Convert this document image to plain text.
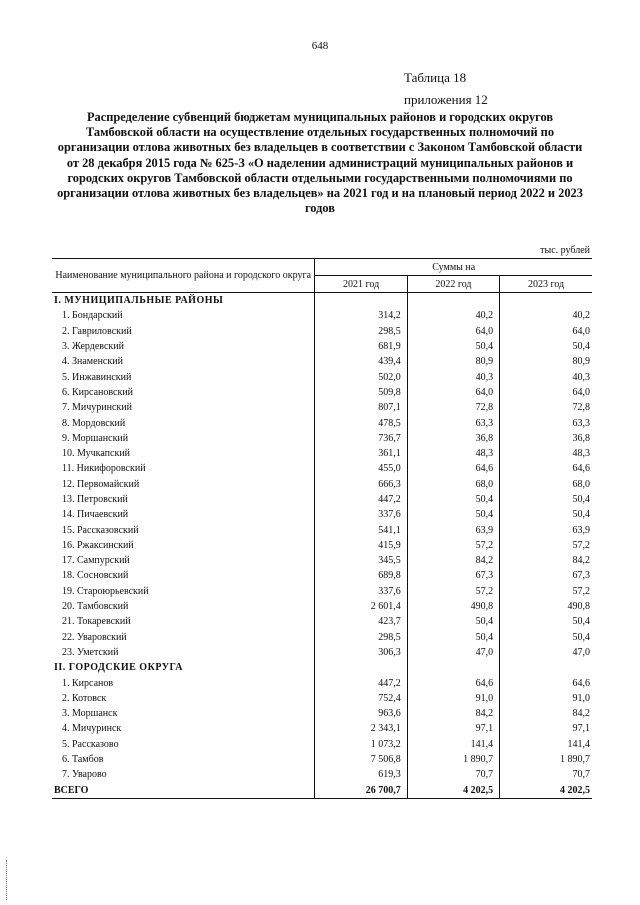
648
Таблица 18
приложения 12
Распределение субвенций бюджетам муниципальных районов и городских округов Тамбовской области на осуществление отдельных государственных полномочий по организации отлова животных без владельцев в соответствии с Законом Тамбовской области от 28 декабря 2015 года № 625-З «О наделении администраций муниципальных районов и городских округов Тамбовской области отдельными государственными полномочиями по организации отлова животных без владельцев» на 2021 год и на плановый период 2022 и 2023 годов
тыс. рублей
Наименование муниципального района и городского округа	Суммы на		
	2021 год	2022 год	2023 год
I. МУНИЦИПАЛЬНЫЕ РАЙОНЫ			
1. Бондарский	314,2	40,2	40,2
2. Гавриловский	298,5	64,0	64,0
3. Жердевский	681,9	50,4	50,4
4. Знаменский	439,4	80,9	80,9
5. Инжавинский	502,0	40,3	40,3
6. Кирсановский	509,8	64,0	64,0
7. Мичуринский	807,1	72,8	72,8
8. Мордовский	478,5	63,3	63,3
9. Моршанский	736,7	36,8	36,8
10. Мучкапский	361,1	48,3	48,3
11. Никифоровский	455,0	64,6	64,6
12. Первомайский	666,3	68,0	68,0
13. Петровский	447,2	50,4	50,4
14. Пичаевский	337,6	50,4	50,4
15. Рассказовский	541,1	63,9	63,9
16. Ржаксинский	415,9	57,2	57,2
17. Сампурский	345,5	84,2	84,2
18. Сосновский	689,8	67,3	67,3
19. Староюрьевский	337,6	57,2	57,2
20. Тамбовский	2 601,4	490,8	490,8
21. Токаревский	423,7	50,4	50,4
22. Уваровский	298,5	50,4	50,4
23. Уметский	306,3	47,0	47,0
II. ГОРОДСКИЕ ОКРУГА			
1. Кирсанов	447,2	64,6	64,6
2. Котовск	752,4	91,0	91,0
3. Моршанск	963,6	84,2	84,2
4. Мичуринск	2 343,1	97,1	97,1
5. Рассказово	1 073,2	141,4	141,4
6. Тамбов	7 506,8	1 890,7	1 890,7
7. Уварово	619,3	70,7	70,7
ВСЕГО	26 700,7	4 202,5	4 202,5
